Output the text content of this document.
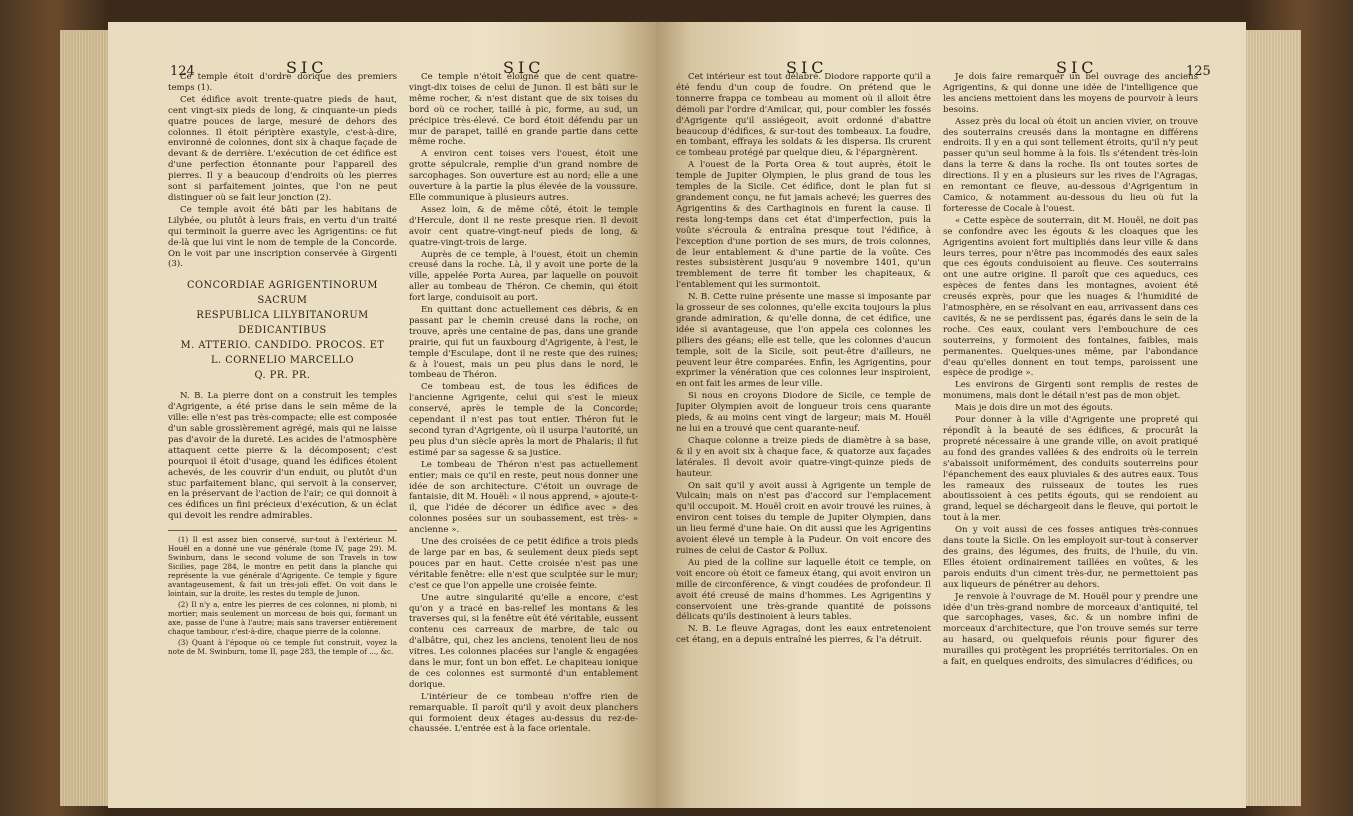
124	SIC	SIC

Ce temple étoit d'ordre dorique des premiers temps (1).

Cet édifice avoit trente-quatre pieds de haut, cent vingt-six pieds de long, & cinquante-un pieds quatre pouces de large, mesuré de dehors des colonnes. Il étoit périptère exastyle, c'est-à-dire, environné de colonnes, dont six à chaque façade de devant & de derrière. L'exécution de cet édifice est d'une perfection étonnante pour l'appareil des pierres. Il y a beaucoup d'endroits où les pierres sont si parfaitement jointes, que l'on ne peut distinguer où se fait leur jonction (2).

Ce temple avoit été bâti par les habitans de Lilybée, ou plutôt à leurs frais, en vertu d'un traité qui terminoit la guerre avec les Agrigentins: ce fut de-là que lui vint le nom de temple de la Concorde. On le voit par une inscription conservée à Girgenti (3).

CONCORDIAE AGRIGENTINORUM
SACRUM
RESPUBLICA LILYBITANORUM
DEDICANTIBUS
M. ATTERIO. CANDIDO. PROCOS. ET
L. CORNELIO MARCELLO
Q. PR. PR.

N. B. La pierre dont on a construit les temples d'Agrigente, a été prise dans le sein même de la ville: elle n'est pas très-compacte; elle est composée d'un sable grossièrement agrégé, mais qui ne laisse pas d'avoir de la dureté. Les acides de l'atmosphère attaquent cette pierre & la décomposent; c'est pourquoi il étoit d'usage, quand les édifices étoient achevés, de les couvrir d'un enduit, ou plutôt d'un stuc parfaitement blanc, qui servoit à la conserver, en la préservant de l'action de l'air; ce qui donnoit à ces édifices un fini précieux d'exécution, & un éclat qui devoit les rendre admirables.

(1) Il est assez bien conservé, sur-tout à l'extérieur. M. Houël en a donné une vue générale (tome IV, page 29). M. Swinburn, dans le second volume de son Travels in tow Sicilies, page 284, le montre en petit dans la planche qui représente la vue générale d'Agrigente. Ce temple y figure avantageusement, & fait un très-joli effet. On voit dans le lointain, sur la droite, les restes du temple de Junon.

(2) Il n'y a, entre les pierres de ces colonnes, ni plomb, ni mortier; mais seulement un morceau de bois qui, formant un axe, passe de l'une à l'autre; mais sans traverser entièrement chaque tambour, c'est-à-dire, chaque pierre de la colonne.

(3) Quant à l'époque où ce temple fut construit, voyez la note de M. Swinburn, tome II, page 283, the temple of ..., &c.

Ce temple n'étoit éloigné que de cent quatre-vingt-dix toises de celui de Junon. Il est bâti sur le même rocher, & n'est distant que de six toises du bord où ce rocher, taillé à pic, forme, au sud, un précipice très-élevé. Ce bord étoit défendu par un mur de parapet, taillé en grande partie dans cette même roche.

A environ cent toises vers l'ouest, étoit une grotte sépulcrale, remplie d'un grand nombre de sarcophages. Son ouverture est au nord; elle a une ouverture à la partie la plus élevée de la voussure. Elle communique à plusieurs autres.

Assez loin, & de même côté, étoit le temple d'Hercule, dont il ne reste presque rien. Il devoit avoir cent quatre-vingt-neuf pieds de long, & quatre-vingt-trois de large.

Auprès de ce temple, à l'ouest, étoit un chemin creusé dans la roche. Là, il y avoit une porte de la ville, appelée Porta Aurea, par laquelle on pouvoit aller au tombeau de Théron. Ce chemin, qui étoit fort large, conduisoit au port.

En quittant donc actuellement ces débris, & en passant par le chemin creusé dans la roche, on trouve, après une centaine de pas, dans une grande prairie, qui fut un fauxbourg d'Agrigente, à l'est, le temple d'Esculape, dont il ne reste que des ruines; & à l'ouest, mais un peu plus dans le nord, le tombeau de Théron.

Ce tombeau est, de tous les édifices de l'ancienne Agrigente, celui qui s'est le mieux conservé, après le temple de la Concorde; cependant il n'est pas tout entier. Théron fut le second tyran d'Agrigente, où il usurpa l'autorité, un peu plus d'un siècle après la mort de Phalaris; il fut estimé par sa sagesse & sa justice.

Le tombeau de Théron n'est pas actuellement entier; mais ce qu'il en reste, peut nous donner une idée de son architecture. C'étoit un ouvrage de fantaisie, dit M. Houël: « il nous apprend, » ajoute-t-il, que l'idée de décorer un édifice avec » des colonnes posées sur un soubassement, est très- » ancienne ».

Une des croisées de ce petit édifice a trois pieds de large par en bas, & seulement deux pieds sept pouces par en haut. Cette croisée n'est pas une véritable fenêtre: elle n'est que sculptée sur le mur; c'est ce que l'on appelle une croisée feinte.

Une autre singularité qu'elle a encore, c'est qu'on y a tracé en bas-relief les montans & les traverses qui, si la fenêtre eût été véritable, eussent contenu ces carreaux de marbre, de talc ou d'albâtre, qui, chez les anciens, tenoient lieu de nos vitres. Les colonnes placées sur l'angle & engagées dans le mur, font un bon effet. Le chapiteau ionique de ces colonnes est surmonté d'un entablement dorique.

L'intérieur de ce tombeau n'offre rien de remarquable. Il paroît qu'il y avoit deux planchers qui formoient deux étages au-dessus du rez-de-chaussée. L'entrée est à la face orientale.

SIC	SIC	125

Cet intérieur est tout délabré. Diodore rapporte qu'il a été fendu d'un coup de foudre. On prétend que le tonnerre frappa ce tombeau au moment où il alloit être démoli par l'ordre d'Amilcar, qui, pour combler les fossés d'Agrigente qu'il assiégeoit, avoit ordonné d'abattre beaucoup d'édifices, & sur-tout des tombeaux. La foudre, en tombant, effraya les soldats & les dispersa. Ils crurent ce tombeau protégé par quelque dieu, & l'épargnèrent.

A l'ouest de la Porta Orea & tout auprès, étoit le temple de Jupiter Olympien, le plus grand de tous les temples de la Sicile. Cet édifice, dont le plan fut si grandement conçu, ne fut jamais achevé; les guerres des Agrigentins & des Carthaginois en furent la cause. Il resta long-temps dans cet état d'imperfection, puis la voûte s'écroula & entraîna presque tout l'édifice, à l'exception d'une portion de ses murs, de trois colonnes, de leur entablement & d'une partie de la voûte. Ces restes subsistèrent jusqu'au 9 novembre 1401, qu'un tremblement de terre fit tomber les chapiteaux, & l'entablement qui les surmontoit.

N. B. Cette ruine présente une masse si imposante par la grosseur de ses colonnes, qu'elle excita toujours la plus grande admiration, & qu'elle donna, de cet édifice, une idée si avantageuse, que l'on appela ces colonnes les piliers des géans; elle est telle, que les colonnes d'aucun temple, soit de la Sicile, soit peut-être d'ailleurs, ne peuvent leur être comparées. Enfin, les Agrigentins, pour exprimer la vénération que ces colonnes leur inspiroient, en ont fait les armes de leur ville.

Si nous en croyons Diodore de Sicile, ce temple de Jupiter Olympien avoit de longueur trois cens quarante pieds, & au moins cent vingt de largeur; mais M. Houël ne lui en a trouvé que cent quarante-neuf.

Chaque colonne a treize pieds de diamètre à sa base, & il y en avoit six à chaque face, & quatorze aux façades latérales. Il devoit avoir quatre-vingt-quinze pieds de hauteur.

On sait qu'il y avoit aussi à Agrigente un temple de Vulcain; mais on n'est pas d'accord sur l'emplacement qu'il occupoit. M. Houël croit en avoir trouvé les ruines, à environ cent toises du temple de Jupiter Olympien, dans un lieu fermé d'une haie. On dit aussi que les Agrigentins avoient élevé un temple à la Pudeur. On voit encore des ruines de celui de Castor & Pollux.

Au pied de la colline sur laquelle étoit ce temple, on voit encore où étoit ce fameux étang, qui avoit environ un mille de circonférence, & vingt coudées de profondeur. Il avoit été creusé de mains d'hommes. Les Agrigentins y conservoient une très-grande quantité de poissons délicats qu'ils destinoient à leurs tables.

N. B. Le fleuve Agragas, dont les eaux entretenoient cet étang, en a depuis entraîné les pierres, & l'a détruit.

Je dois faire remarquer un bel ouvrage des anciens Agrigentins, & qui donne une idée de l'intelligence que les anciens mettoient dans les moyens de pourvoir à leurs besoins.

Assez près du local où étoit un ancien vivier, on trouve des souterrains creusés dans la montagne en différens endroits. Il y en a qui sont tellement étroits, qu'il n'y peut passer qu'un seul homme à la fois. Ils s'étendent très-loin dans la terre & dans la roche. Ils ont toutes sortes de directions. Il y en a plusieurs sur les rives de l'Agragas, en remontant ce fleuve, au-dessous d'Agrigentum in Camico, & notamment au-dessous du lieu où fut la forteresse de Cocale à l'ouest.

« Cette espèce de souterrain, dit M. Houël, ne doit pas se confondre avec les égouts & les cloaques que les Agrigentins avoient fort multipliés dans leur ville & dans leurs terres, pour n'être pas incommodés des eaux sales que ces égouts conduisoient au fleuve. Ces souterrains ont une autre origine. Il paroît que ces aqueducs, ces espèces de fentes dans les montagnes, avoient été creusés exprès, pour que les nuages & l'humidité de l'atmosphère, en se résolvant en eau, arrivassent dans ces cavités, & ne se perdissent pas, égarés dans le sein de la roche. Ces eaux, coulant vers l'embouchure de ces souterreins, y formoient des fontaines, faibles, mais permanentes. Quelques-unes même, par l'abondance d'eau qu'elles donnent en tout temps, paroissent une espèce de prodige ».

Les environs de Girgenti sont remplis de restes de monumens, mais dont le détail n'est pas de mon objet.

Mais je dois dire un mot des égouts.

Pour donner à la ville d'Agrigente une propreté qui répondît à la beauté de ses édifices, & procurât la propreté nécessaire à une grande ville, on avoit pratiqué au fond des grandes vallées & des endroits où le terrein s'abaissoit uniformément, des conduits souterreins pour l'épanchement des eaux pluviales & des autres eaux. Tous les rameaux des ruisseaux de toutes les rues aboutissoient à ces petits égouts, qui se rendoient au grand, lequel se déchargeoit dans le fleuve, qui portoit le tout à la mer.

On y voit aussi de ces fosses antiques très-connues dans toute la Sicile. On les employoit sur-tout à conserver des grains, des légumes, des fruits, de l'huile, du vin. Elles étoient ordinairement taillées en voûtes, & les parois enduits d'un ciment très-dur, ne permettoient pas aux liqueurs de pénétrer au dehors.

Je renvoie à l'ouvrage de M. Houël pour y prendre une idée d'un très-grand nombre de morceaux d'antiquité, tel que sarcophages, vases, &c. & un nombre infini de morceaux d'architecture, que l'on trouve semés sur terre au hasard, ou quelquefois réunis pour figurer des murailles qui protègent les propriétés territoriales. On en a fait, en quelques endroits, des simulacres d'édifices, ou
